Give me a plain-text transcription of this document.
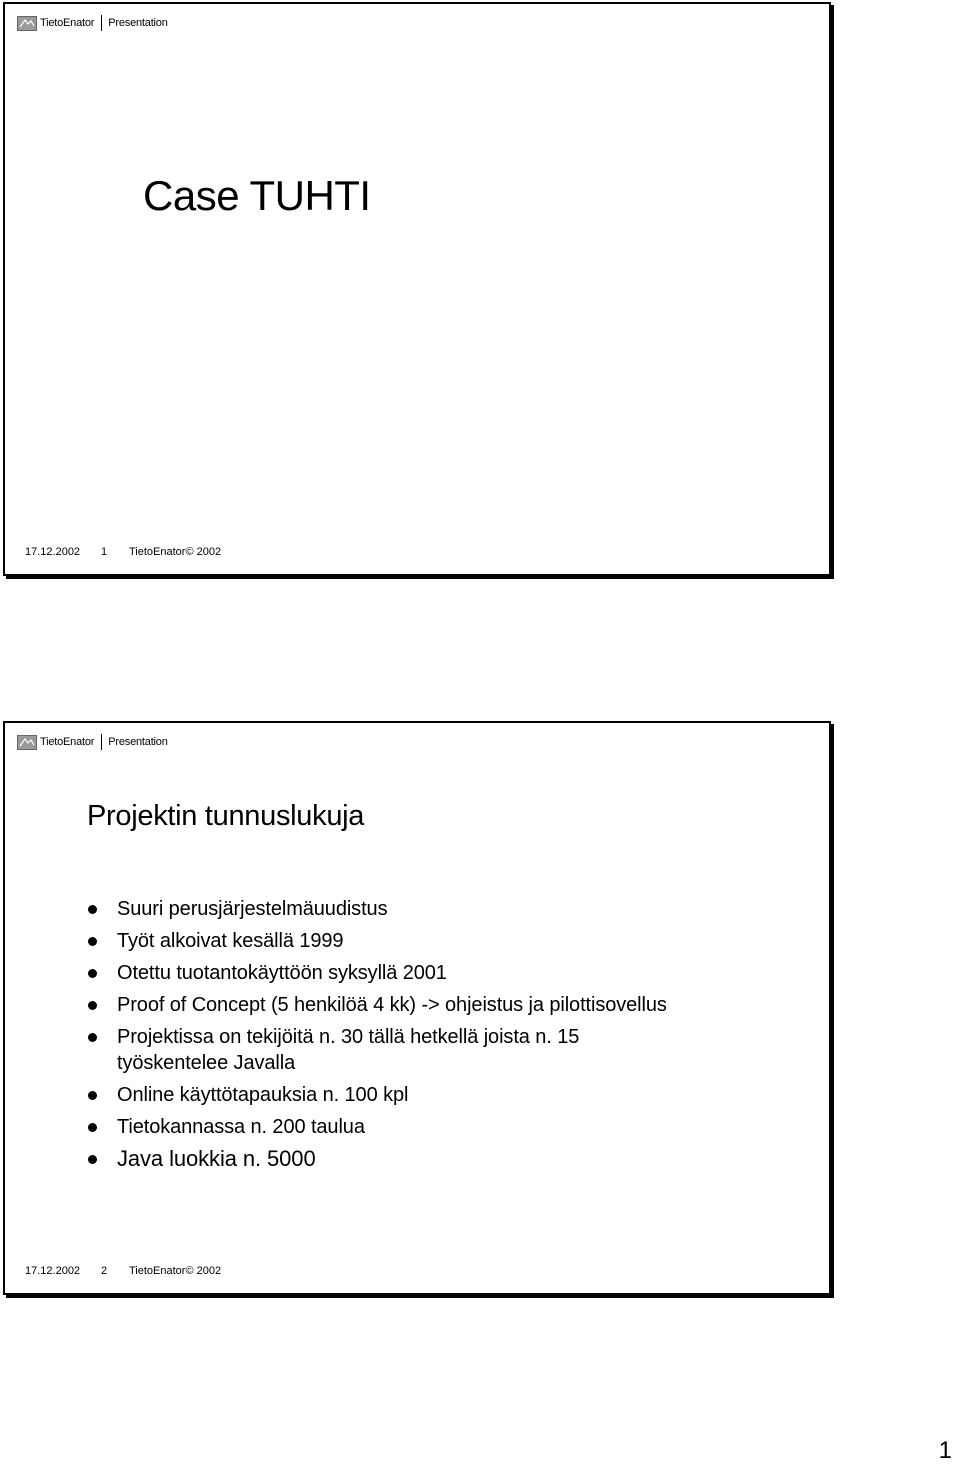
TietoEnator Presentation
Case TUHTI
17.12.2002	1	TietoEnator© 2002
TietoEnator Presentation
Projektin tunnuslukuja
Suuri perusjärjestelmäuudistus
Työt alkoivat kesällä 1999
Otettu tuotantokäyttöön syksyllä 2001
Proof of Concept (5 henkilöä 4 kk) -> ohjeistus ja pilottisovellus
Projektissa on tekijöitä n. 30 tällä hetkellä joista n. 15 työskentelee Javalla
Online käyttötapauksia n. 100 kpl
Tietokannassa n. 200 taulua
Java luokkia n. 5000
17.12.2002	2	TietoEnator© 2002
1
